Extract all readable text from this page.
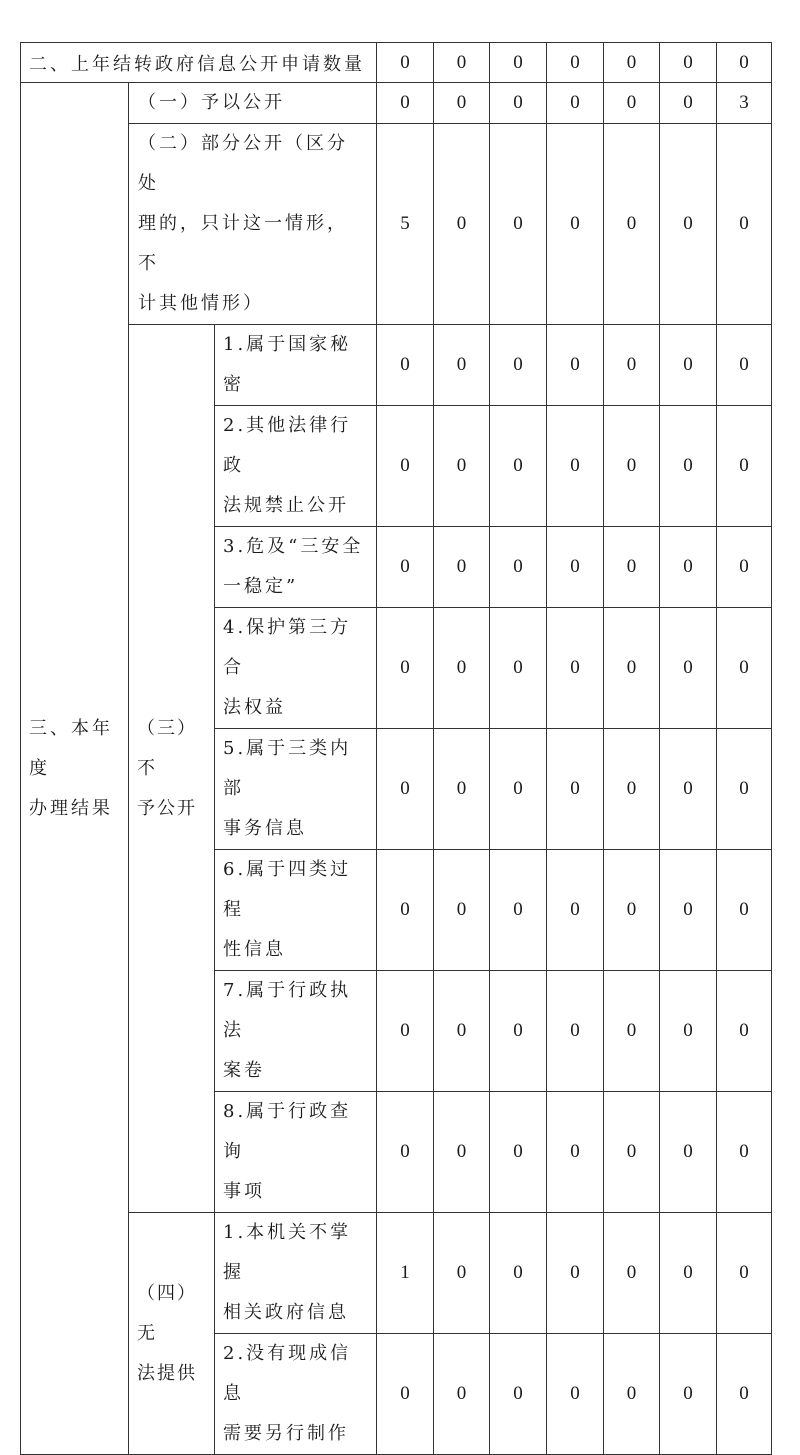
二、上年结转政府信息公开申请数量			0	0	0	0	0	0	0
三、本年度
办理结果	（一）予以公开		0	0	0	0	0	0	3
	（二）部分公开（区分处
理的，只计这一情形，不
计其他情形）		5	0	0	0	0	0	0
	（三）不
予公开	1.属于国家秘密	0	0	0	0	0	0	0
		2.其他法律行政
法规禁止公开	0	0	0	0	0	0	0
		3.危及“三安全
一稳定”	0	0	0	0	0	0	0
		4.保护第三方合
法权益	0	0	0	0	0	0	0
		5.属于三类内部
事务信息	0	0	0	0	0	0	0
		6.属于四类过程
性信息	0	0	0	0	0	0	0
		7.属于行政执法
案卷	0	0	0	0	0	0	0
		8.属于行政查询
事项	0	0	0	0	0	0	0
	（四）无
法提供	1.本机关不掌握
相关政府信息	1	0	0	0	0	0	0
		2.没有现成信息
需要另行制作	0	0	0	0	0	0	0
